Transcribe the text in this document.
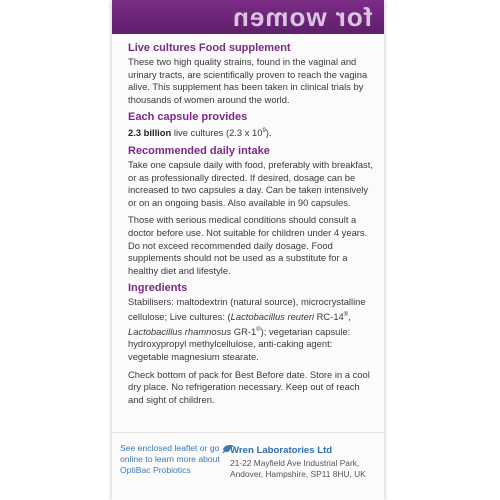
for women
Live cultures Food supplement
These two high quality strains, found in the vaginal and urinary tracts, are scientifically proven to reach the vagina alive. This supplement has been taken in clinical trials by thousands of women around the world.
Each capsule provides
2.3 billion live cultures (2.3 x $10^9$).
Recommended daily intake
Take one capsule daily with food, preferably with breakfast, or as professionally directed. If desired, dosage can be increased to two capsules a day. Can be taken intensively or on an ongoing basis. Also available in 90 capsules.
Those with serious medical conditions should consult a doctor before use. Not suitable for children under 4 years. Do not exceed recommended daily dosage. Food supplements should not be used as a substitute for a healthy diet and lifestyle.
Ingredients
Stabilisers: maltodextrin (natural source), microcrystalline cellulose; Live cultures: (Lactobacillus reuteri RC-14®, Lactobacillus rhamnosus GR-1®); vegetarian capsule: hydroxypropyl methylcellulose, anti-caking agent: vegetable magnesium stearate.
Check bottom of pack for Best Before date. Store in a cool dry place. No refrigeration necessary. Keep out of reach and sight of children.
See enclosed leaflet or go online to learn more about OptiBac Probiotics
Wren Laboratories Ltd
21-22 Mayfield Ave Industrial Park, Andover, Hampshire, SP11 8HU, UK
